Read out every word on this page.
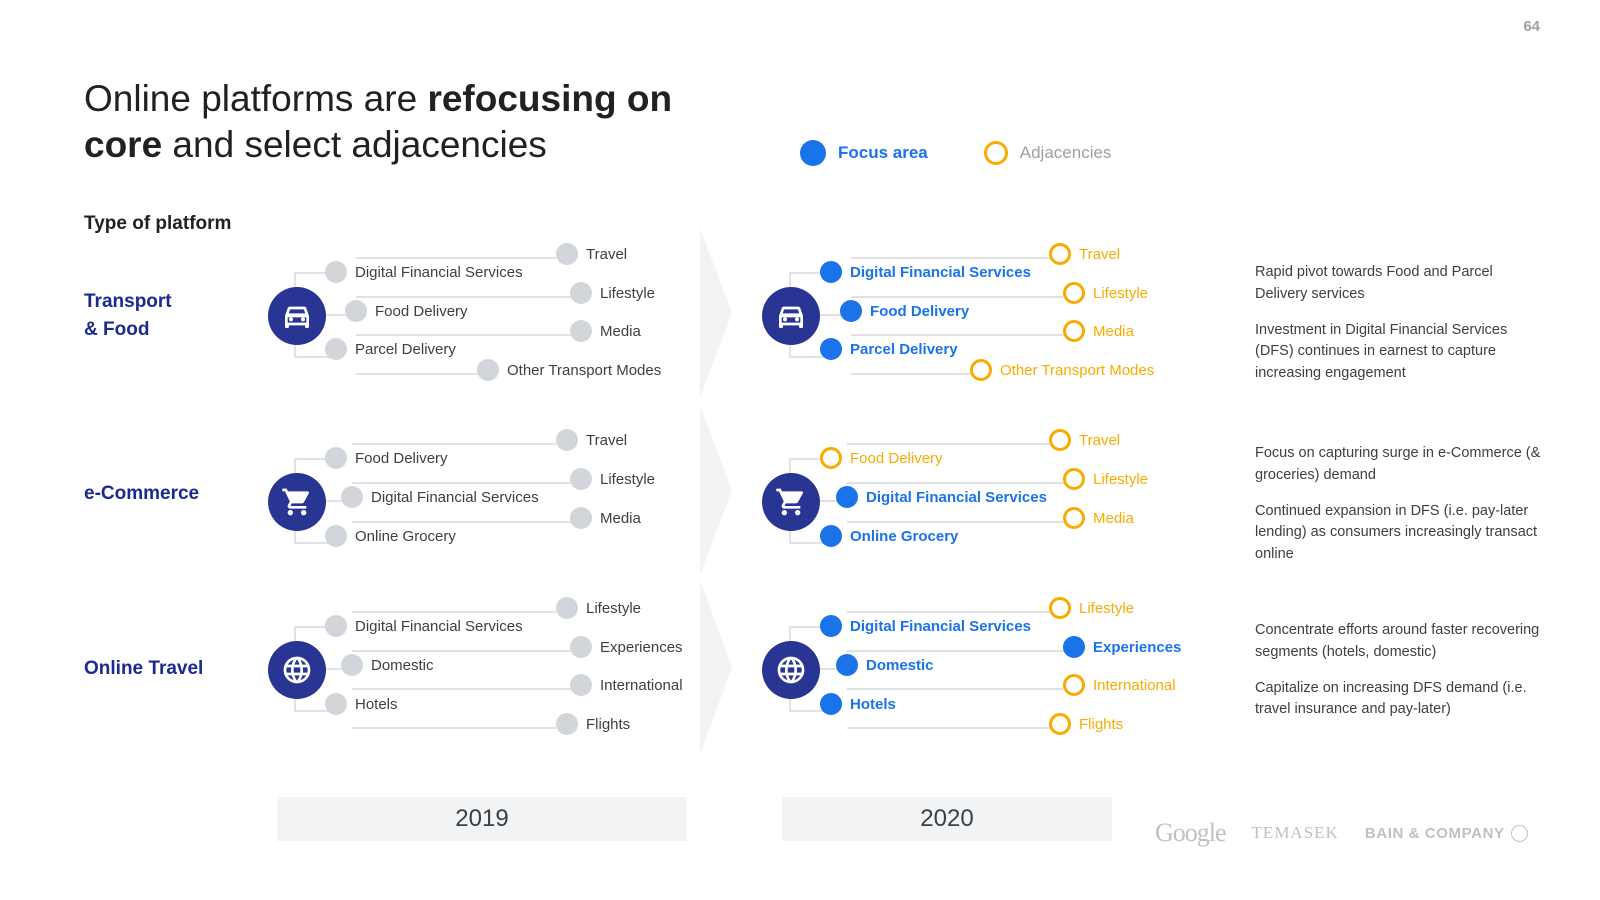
64
Online platforms are refocusing on core and select adjacencies	Focus area	Adjacencies
Type of platform
Transport
& Food
e-Commerce
Online Travel
Digital Financial Services
Food Delivery
Parcel Delivery
Travel
Lifestyle
Media
Other Transport Modes
Digital Financial Services
Food Delivery
Parcel Delivery
Travel
Lifestyle
Media
Other Transport Modes
Food Delivery
Digital Financial Services
Online Grocery
Travel
Lifestyle
Media
Food Delivery
Digital Financial Services
Online Grocery
Travel
Lifestyle
Media
Digital Financial Services
Domestic
Hotels
Lifestyle
Experiences
International
Flights
Digital Financial Services
Domestic
Hotels
Lifestyle
Experiences
International
Flights
2019	2020

Rapid pivot towards Food and Parcel Delivery services

Investment in Digital Financial Services (DFS) continues in earnest to capture increasing engagement

Focus on capturing surge in e-Commerce (& groceries) demand

Continued expansion in DFS (i.e. pay-later lending) as consumers increasingly transact online

Concentrate efforts around faster recovering segments (hotels, domestic)

Capitalize on increasing DFS demand (i.e. travel insurance and pay-later)

Google TEMASEK BAIN & COMPANY
